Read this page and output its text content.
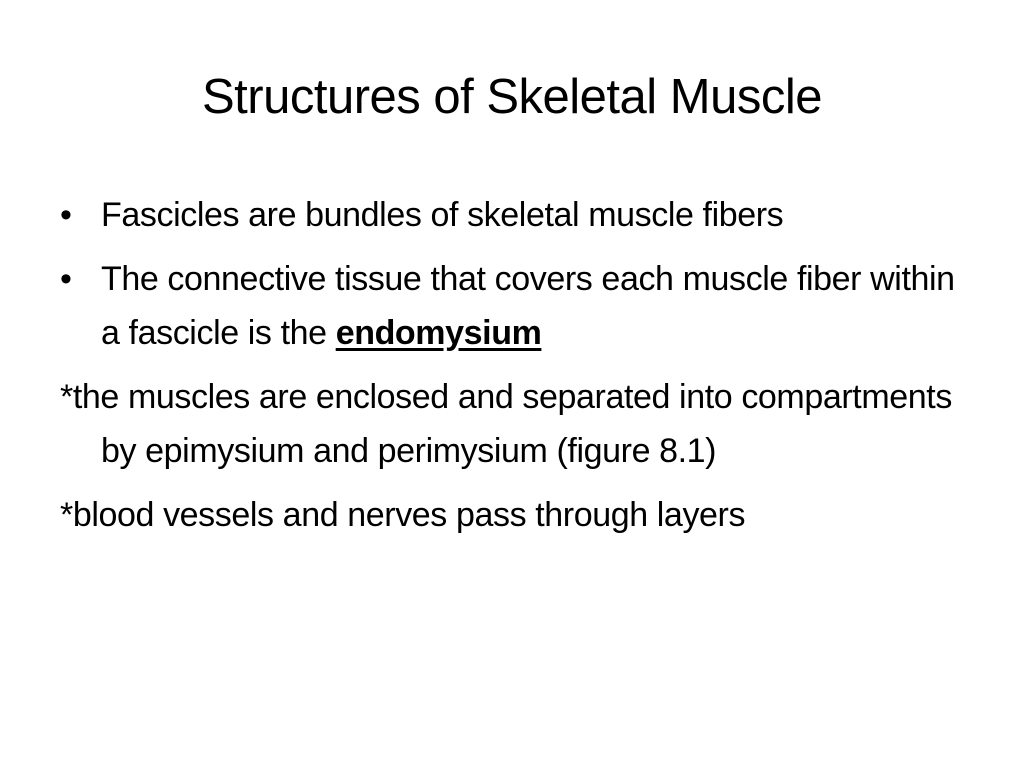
Structures of Skeletal Muscle
• Fascicles are bundles of skeletal muscle fibers
• The connective tissue that covers each muscle fiber within a fascicle is the endomysium
*the muscles are enclosed and separated into compartments by epimysium and perimysium (figure 8.1)
*blood vessels and nerves pass through layers
